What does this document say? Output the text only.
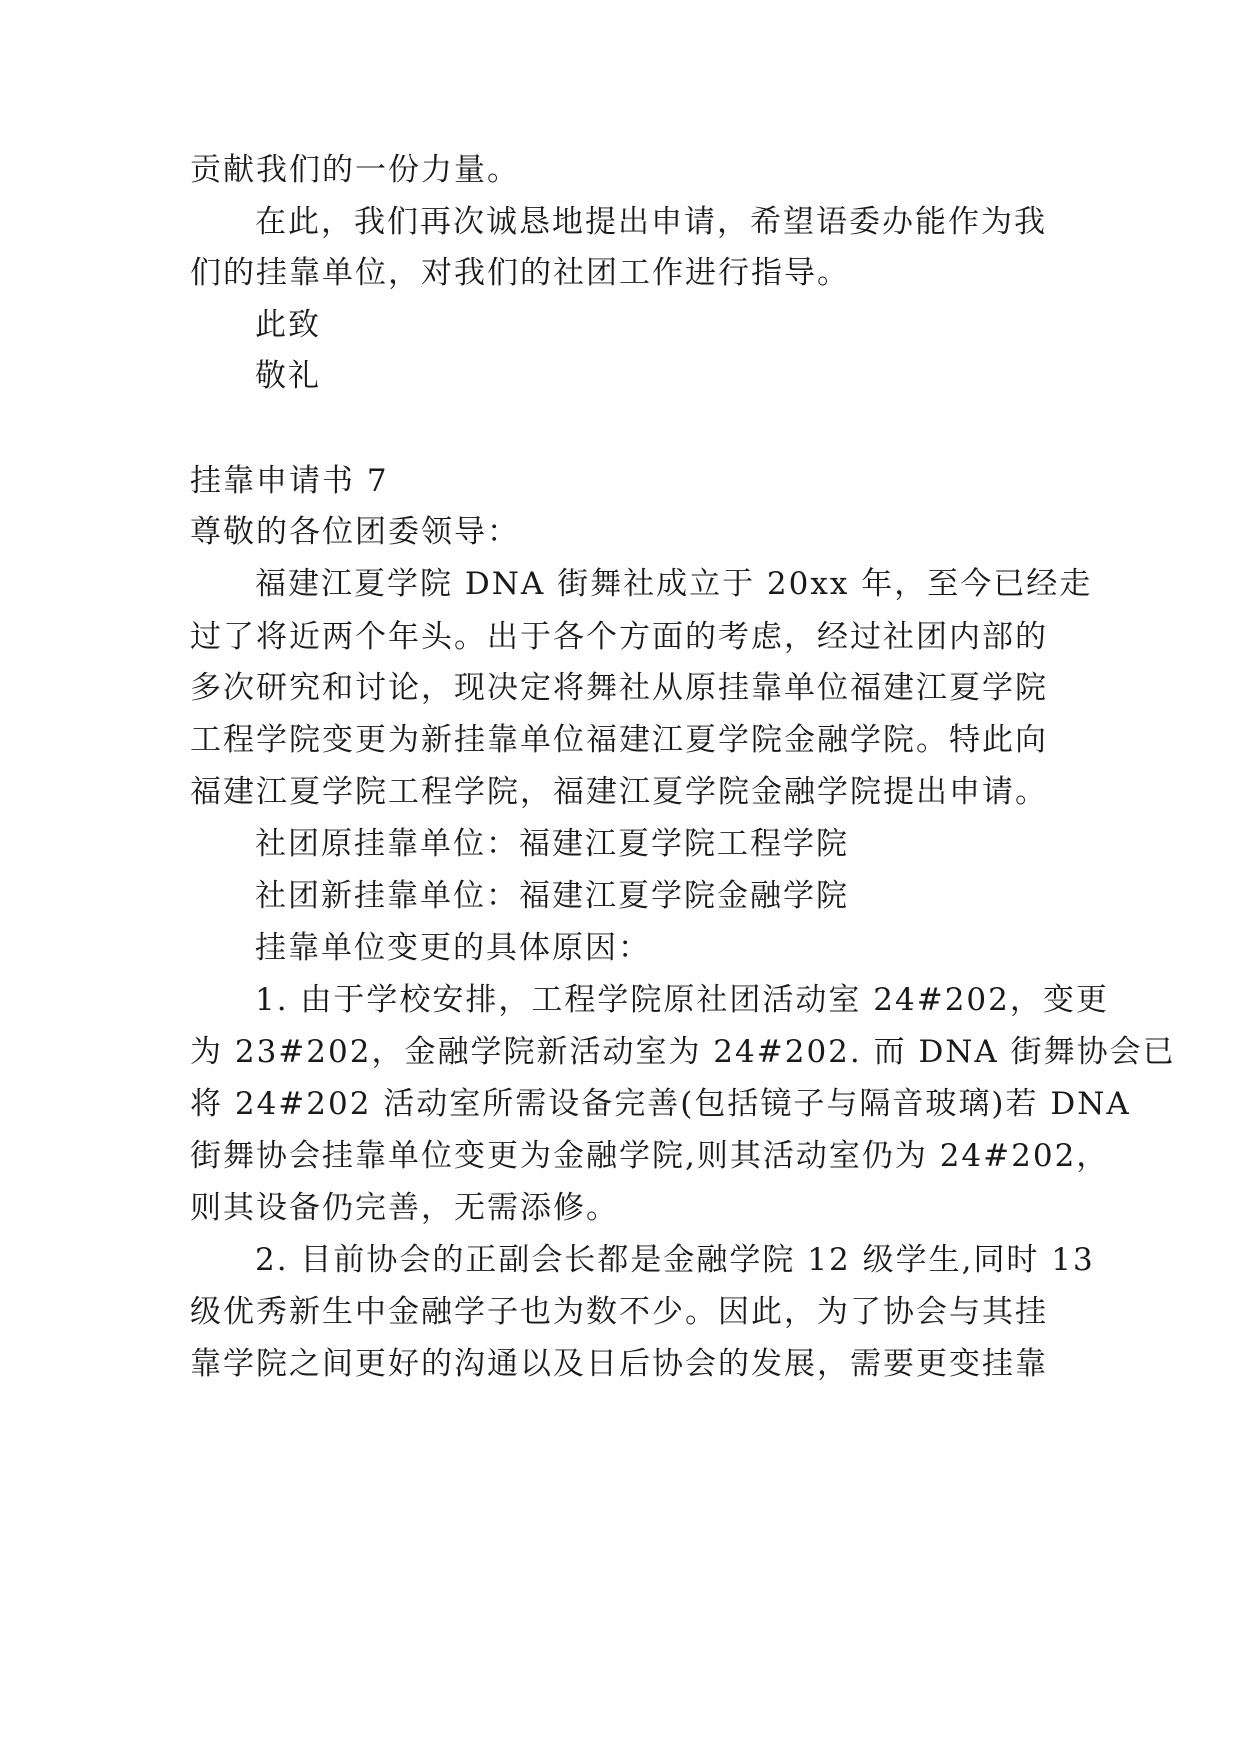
贡献我们的一份力量。
在此，我们再次诚恳地提出申请，希望语委办能作为我
们的挂靠单位，对我们的社团工作进行指导。
此致
敬礼
挂靠申请书 7
尊敬的各位团委领导：
福建江夏学院 DNA 街舞社成立于 20xx 年，至今已经走
过了将近两个年头。出于各个方面的考虑，经过社团内部的
多次研究和讨论，现决定将舞社从原挂靠单位福建江夏学院
工程学院变更为新挂靠单位福建江夏学院金融学院。特此向
福建江夏学院工程学院，福建江夏学院金融学院提出申请。
社团原挂靠单位：福建江夏学院工程学院
社团新挂靠单位：福建江夏学院金融学院
挂靠单位变更的具体原因：
1. 由于学校安排，工程学院原社团活动室 24#202，变更
为 23#202，金融学院新活动室为 24#202. 而 DNA 街舞协会已
将 24#202 活动室所需设备完善(包括镜子与隔音玻璃)若 DNA
街舞协会挂靠单位变更为金融学院,则其活动室仍为 24#202，
则其设备仍完善，无需添修。
2. 目前协会的正副会长都是金融学院 12 级学生,同时 13
级优秀新生中金融学子也为数不少。因此，为了协会与其挂
靠学院之间更好的沟通以及日后协会的发展，需要更变挂靠
